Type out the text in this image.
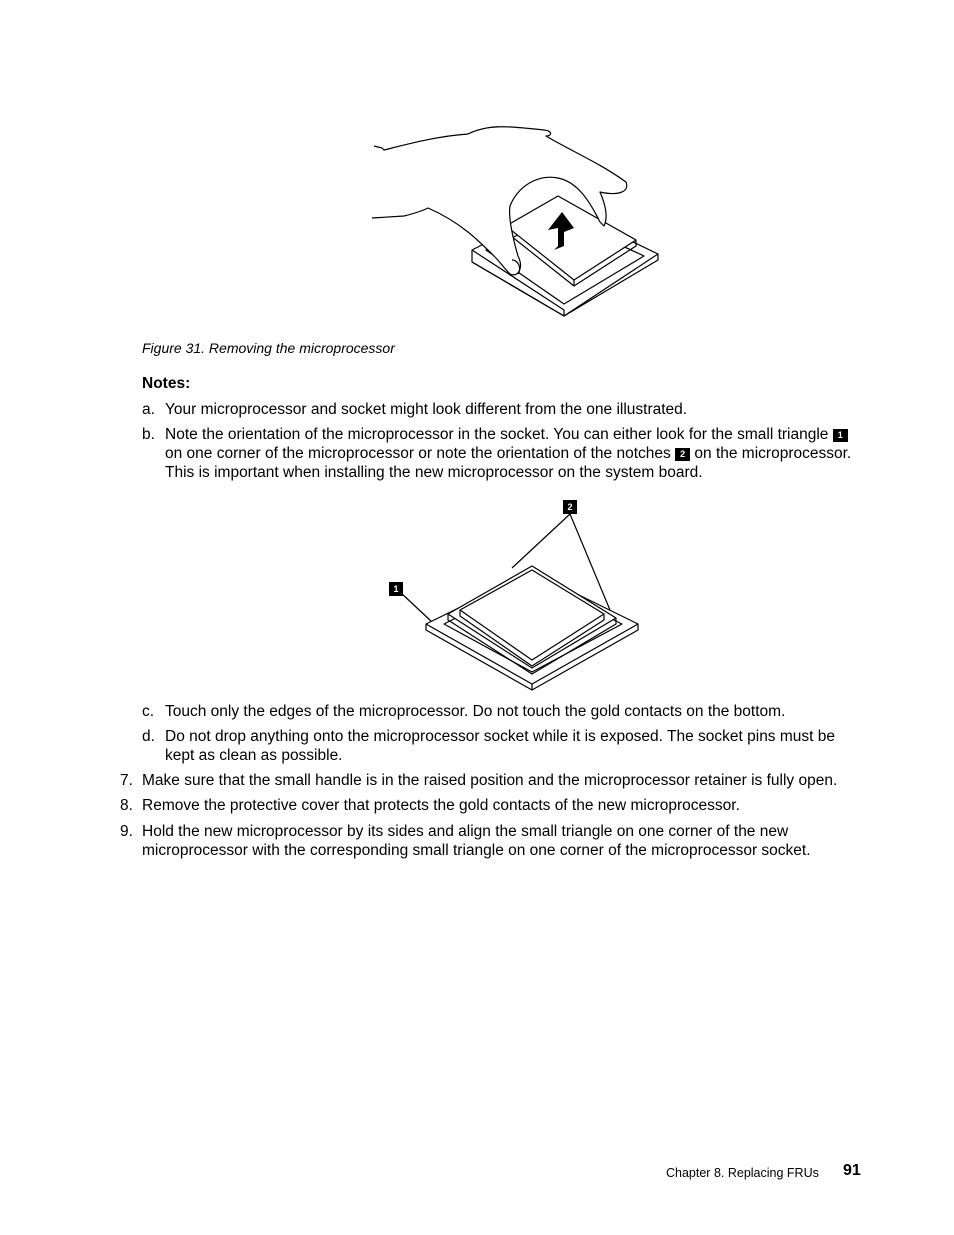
Figure 31. Removing the microprocessor
Notes:
a. Your microprocessor and socket might look different from the one illustrated.
b. Note the orientation of the microprocessor in the socket. You can either look for the small triangle 1
on one corner of the microprocessor or note the orientation of the notches 2 on the microprocessor.
This is important when installing the new microprocessor on the system board.
2
1
c. Touch only the edges of the microprocessor. Do not touch the gold contacts on the bottom.
d. Do not drop anything onto the microprocessor socket while it is exposed. The socket pins must be
kept as clean as possible.
7. Make sure that the small handle is in the raised position and the microprocessor retainer is fully open.
8. Remove the protective cover that protects the gold contacts of the new microprocessor.
9. Hold the new microprocessor by its sides and align the small triangle on one corner of the new
microprocessor with the corresponding small triangle on one corner of the microprocessor socket.
Chapter 8. Replacing FRUs 91
